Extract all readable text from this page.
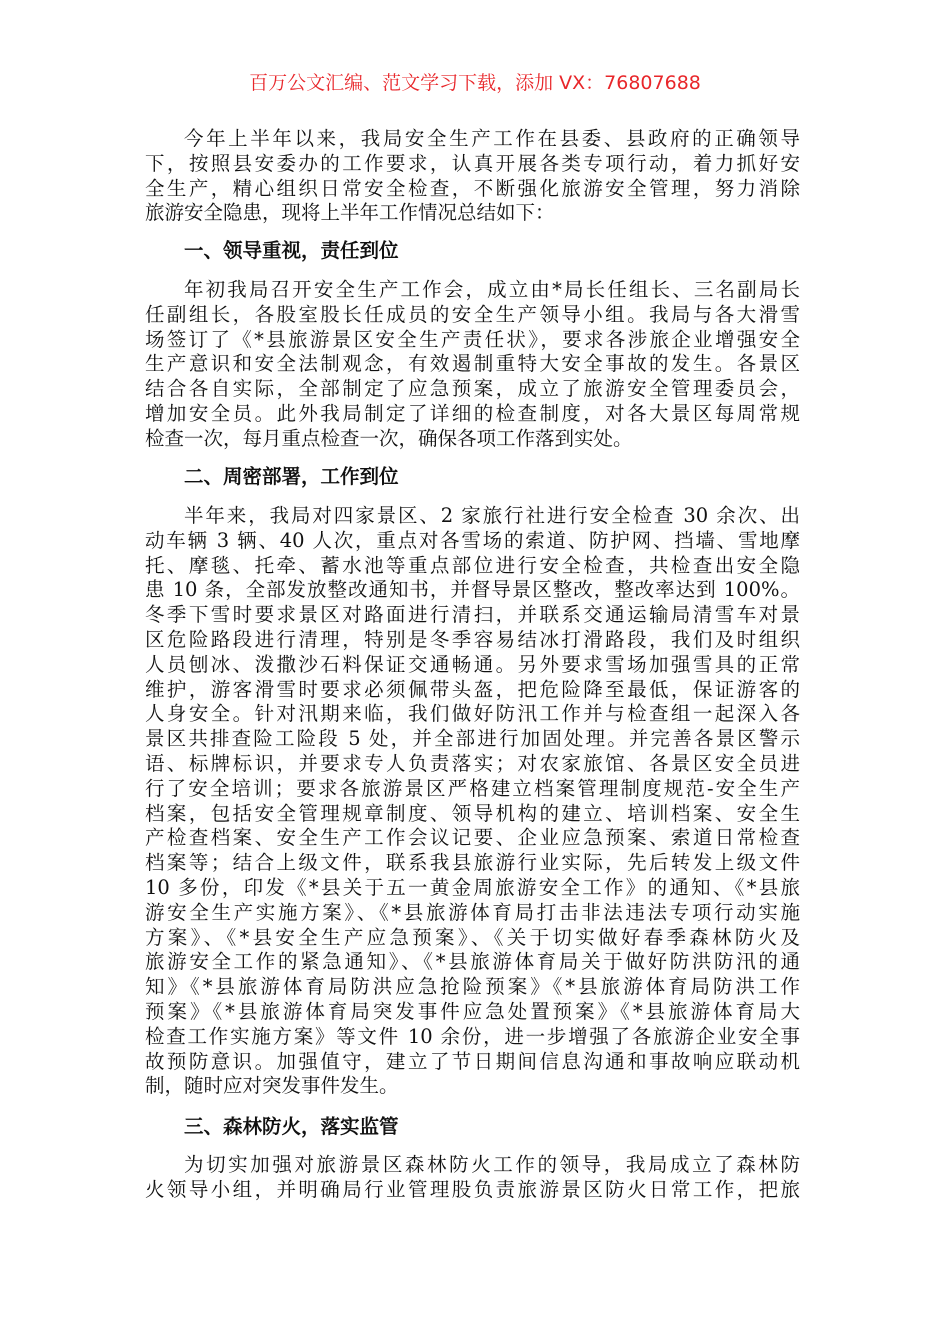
百万公文汇编、范文学习下载，添加 VX：76807688
今年上半年以来，我局安全生产工作在县委、县政府的正确领导
下，按照县安委办的工作要求，认真开展各类专项行动，着力抓好安
全生产，精心组织日常安全检查，不断强化旅游安全管理，努力消除
旅游安全隐患，现将上半年工作情况总结如下：
一、领导重视，责任到位
年初我局召开安全生产工作会，成立由*局长任组长、三名副局长
任副组长，各股室股长任成员的安全生产领导小组。我局与各大滑雪
场签订了《*县旅游景区安全生产责任状》，要求各涉旅企业增强安全
生产意识和安全法制观念，有效遏制重特大安全事故的发生。各景区
结合各自实际，全部制定了应急预案，成立了旅游安全管理委员会，
增加安全员。此外我局制定了详细的检查制度，对各大景区每周常规
检查一次，每月重点检查一次，确保各项工作落到实处。
二、周密部署，工作到位
半年来，我局对四家景区、2 家旅行社进行安全检查 30 余次、出
动车辆 3 辆、40 人次，重点对各雪场的索道、防护网、挡墙、雪地摩
托、摩毯、托牵、蓄水池等重点部位进行安全检查，共检查出安全隐
患 10 条，全部发放整改通知书，并督导景区整改，整改率达到 100%。
冬季下雪时要求景区对路面进行清扫，并联系交通运输局清雪车对景
区危险路段进行清理，特别是冬季容易结冰打滑路段，我们及时组织
人员刨冰、泼撒沙石料保证交通畅通。另外要求雪场加强雪具的正常
维护，游客滑雪时要求必须佩带头盔，把危险降至最低，保证游客的
人身安全。针对汛期来临，我们做好防汛工作并与检查组一起深入各
景区共排查险工险段 5 处，并全部进行加固处理。并完善各景区警示
语、标牌标识，并要求专人负责落实；对农家旅馆、各景区安全员进
行了安全培训；要求各旅游景区严格建立档案管理制度规范-安全生产
档案，包括安全管理规章制度、领导机构的建立、培训档案、安全生
产检查档案、安全生产工作会议记要、企业应急预案、索道日常检查
档案等；结合上级文件，联系我县旅游行业实际，先后转发上级文件
10 多份，印发《*县关于五一黄金周旅游安全工作》的通知、《*县旅
游安全生产实施方案》、《*县旅游体育局打击非法违法专项行动实施
方案》、《*县安全生产应急预案》、《关于切实做好春季森林防火及
旅游安全工作的紧急通知》、《*县旅游体育局关于做好防洪防汛的通
知》《*县旅游体育局防洪应急抢险预案》《*县旅游体育局防洪工作
预案》《*县旅游体育局突发事件应急处置预案》《*县旅游体育局大
检查工作实施方案》等文件 10 余份，进一步增强了各旅游企业安全事
故预防意识。加强值守，建立了节日期间信息沟通和事故响应联动机
制，随时应对突发事件发生。
三、森林防火，落实监管
为切实加强对旅游景区森林防火工作的领导，我局成立了森林防
火领导小组，并明确局行业管理股负责旅游景区防火日常工作，把旅
